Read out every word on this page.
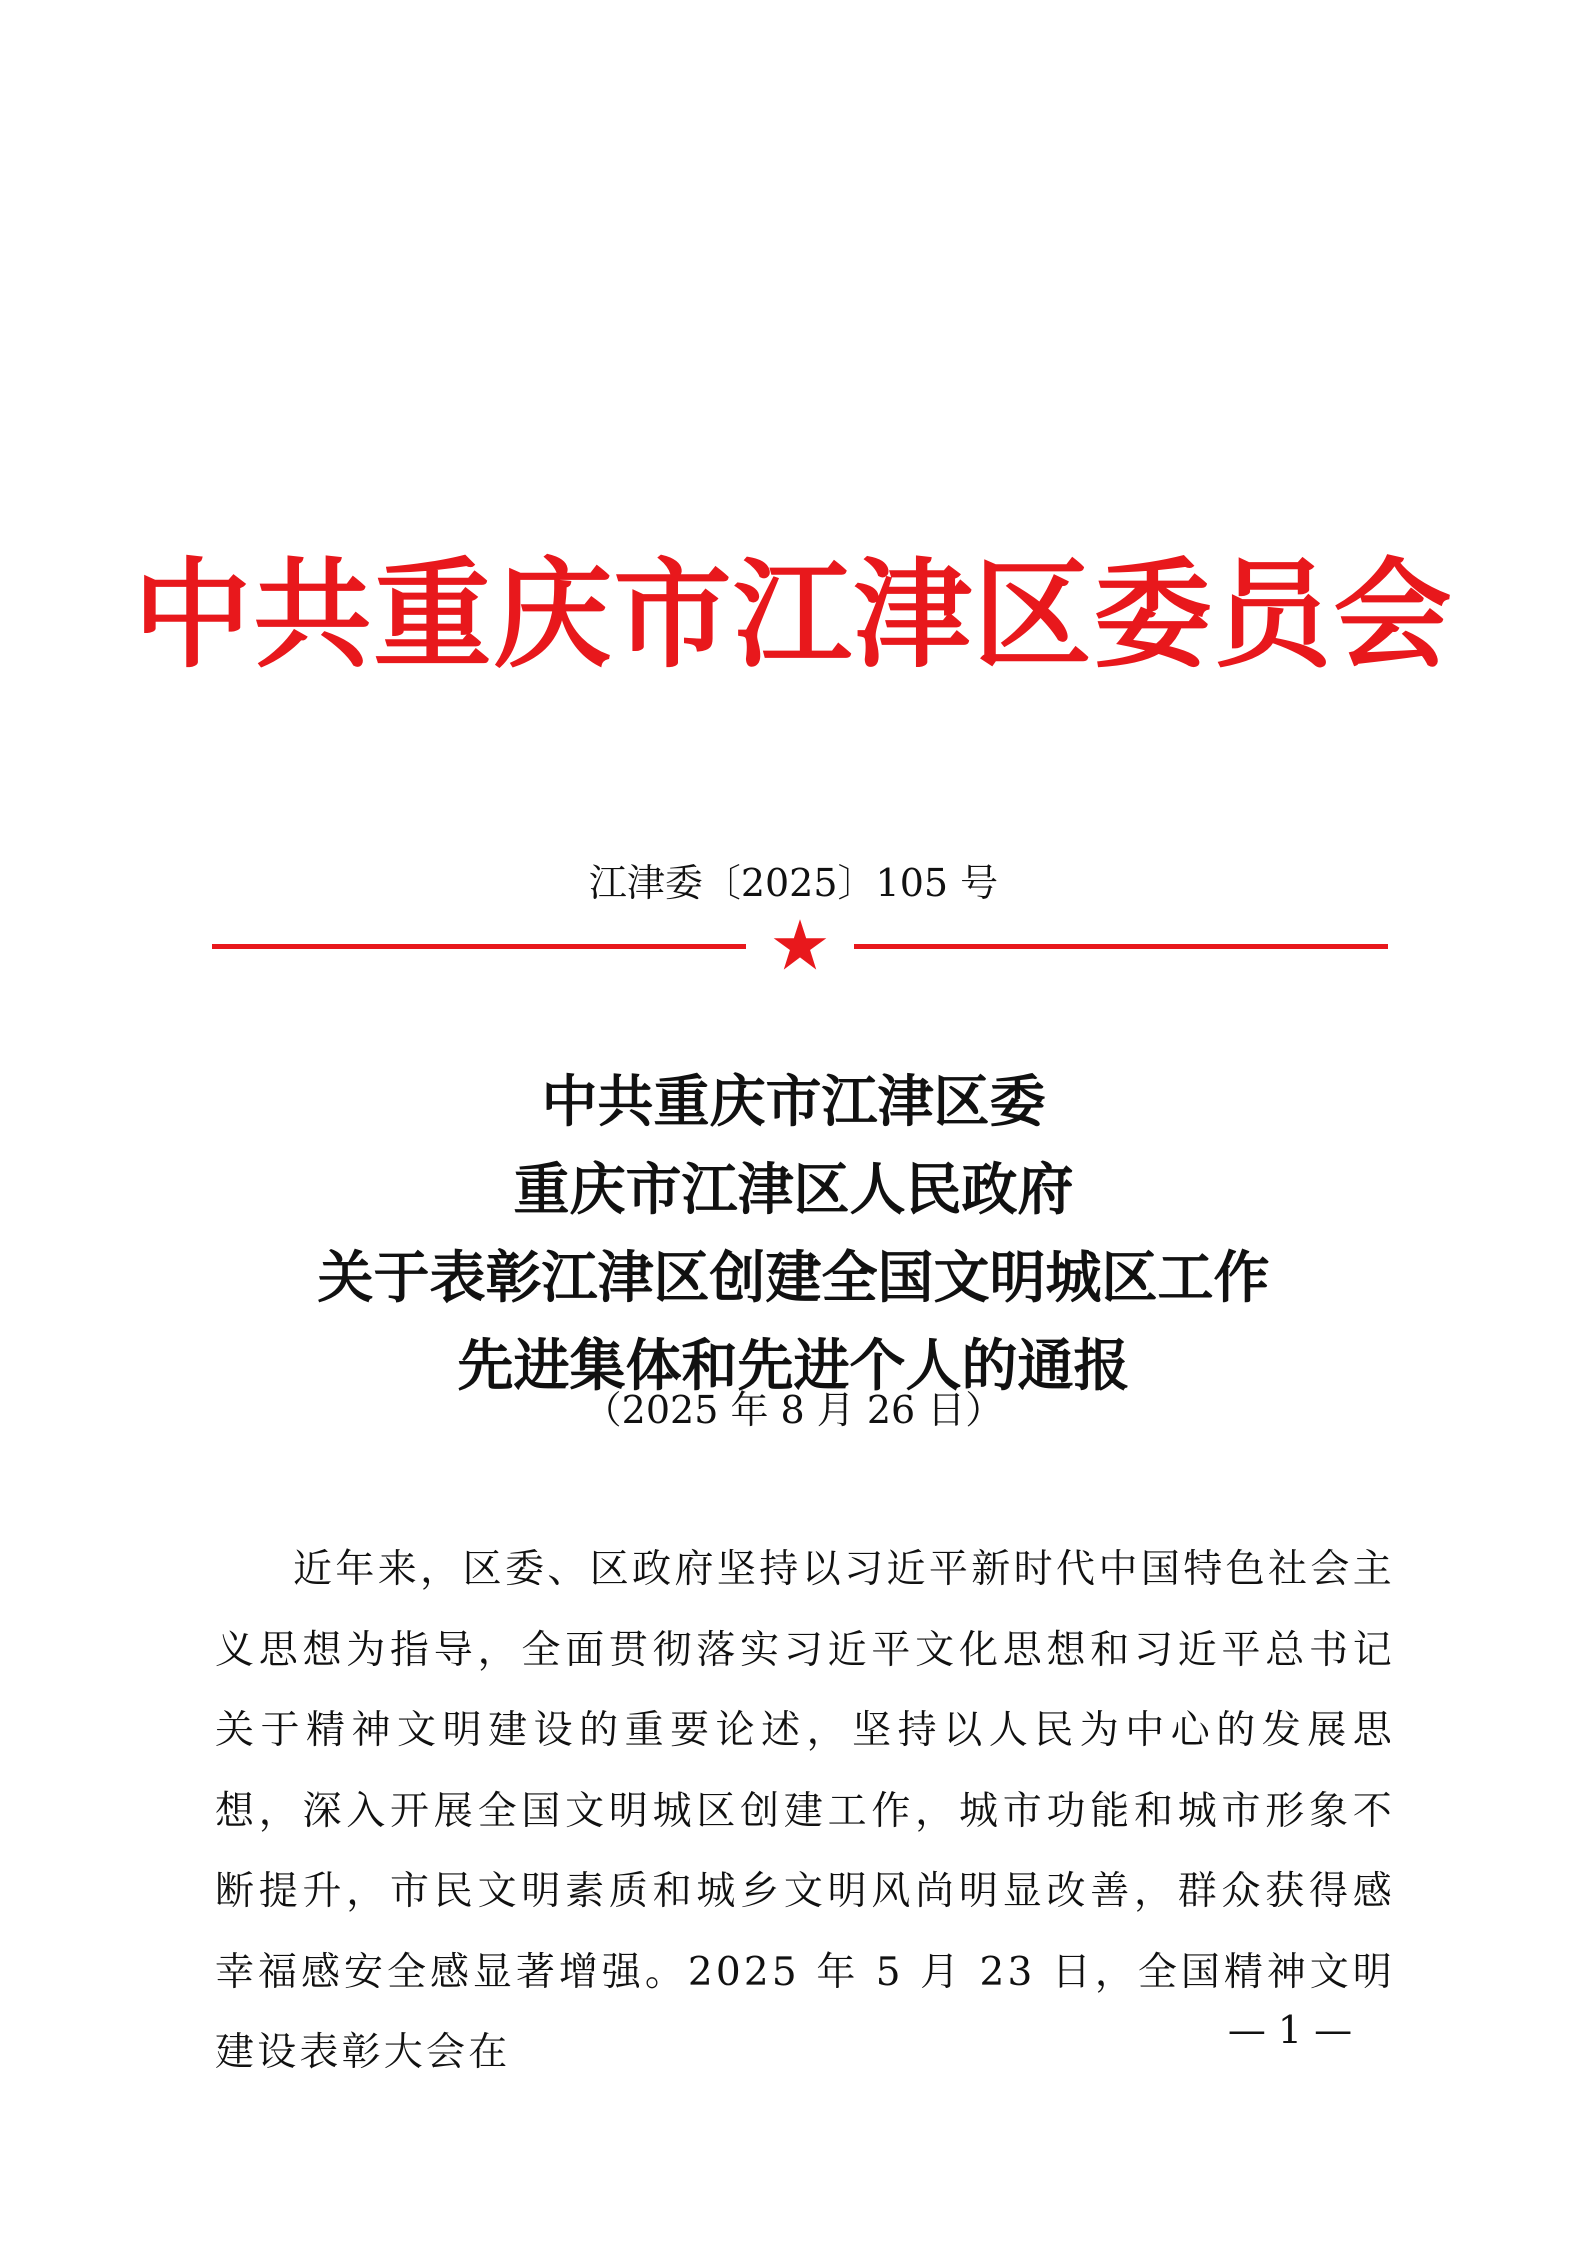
中共重庆市江津区委员会
江津委〔2025〕105 号
中共重庆市江津区委
重庆市江津区人民政府
关于表彰江津区创建全国文明城区工作
先进集体和先进个人的通报
（2025 年 8 月 26 日）

近年来，区委、区政府坚持以习近平新时代中国特色社会主义思想为指导，全面贯彻落实习近平文化思想和习近平总书记关于精神文明建设的重要论述，坚持以人民为中心的发展思想，深入开展全国文明城区创建工作，城市功能和城市形象不断提升，市民文明素质和城乡文明风尚明显改善，群众获得感幸福感安全感显著增强。2025 年 5 月 23 日，全国精神文明建设表彰大会在	— 1 —
